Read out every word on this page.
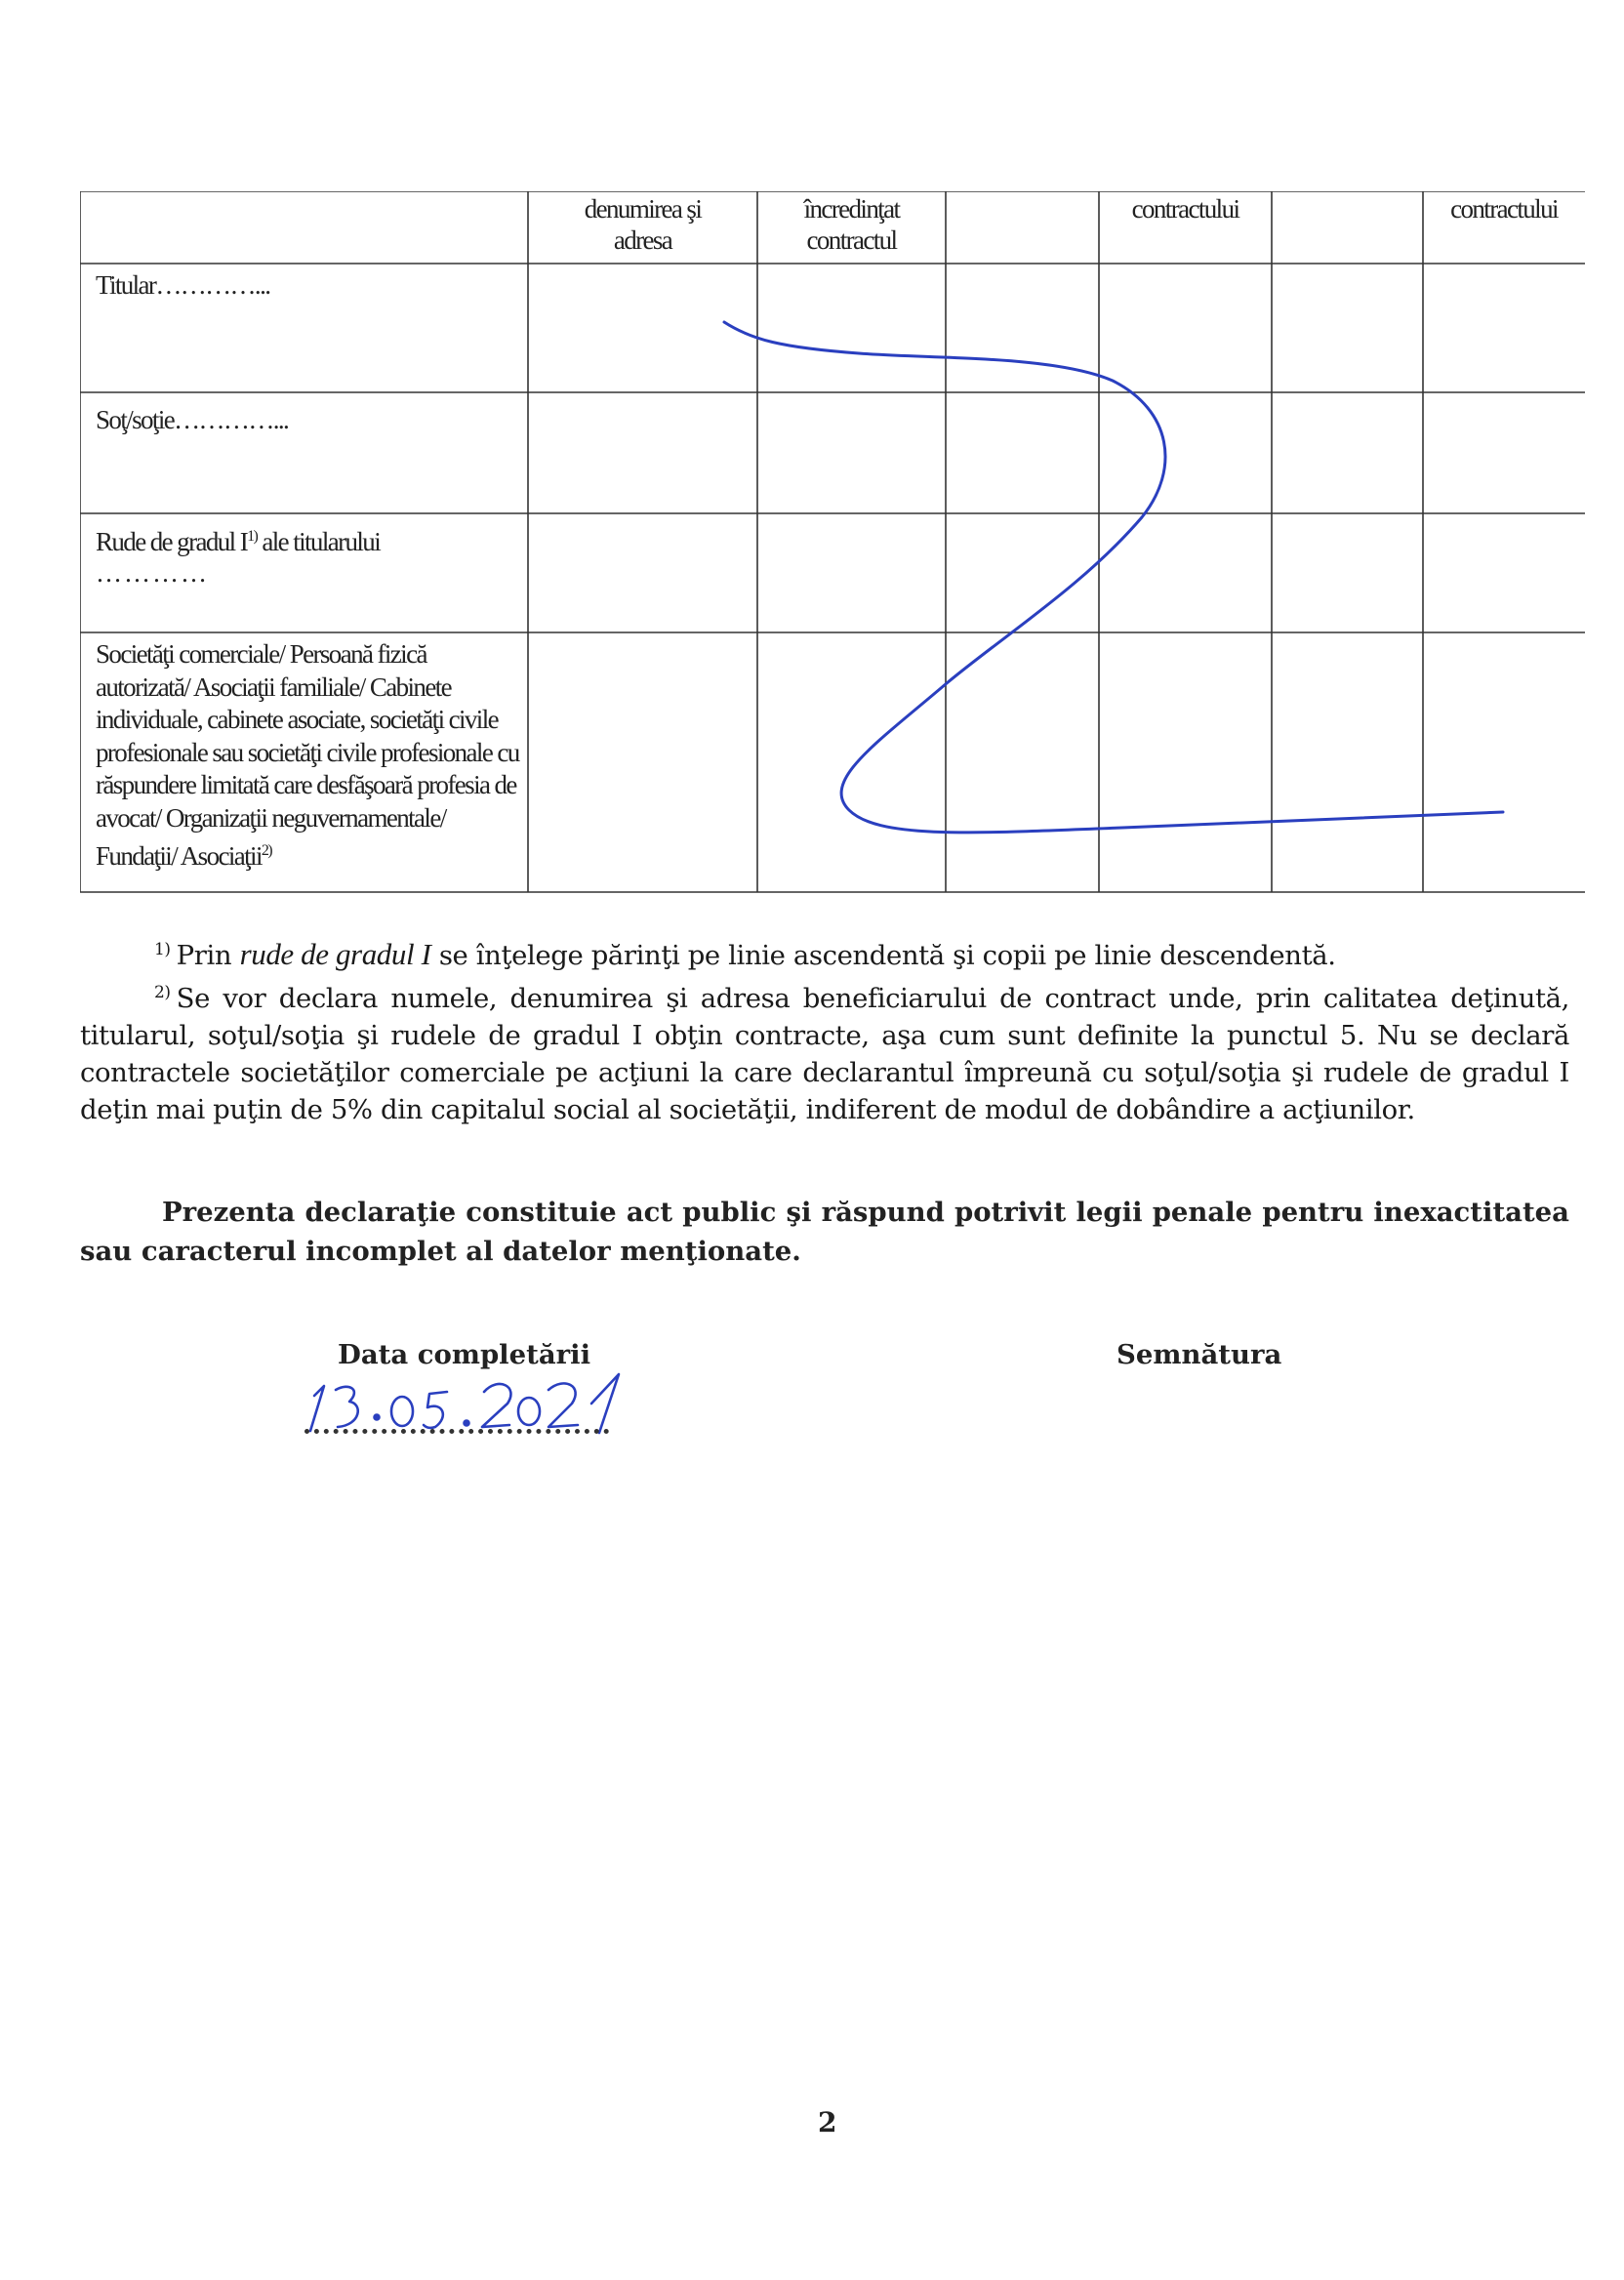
denumirea şi
adresa
încredinţat
contractul
contractului	contractului
Titular…………...
Soţ/soţie…………...
Rude de gradul $I^{1)}$ ale titularului
…………
Societăţi comerciale/ Persoană fizică autorizată/ Asociaţii familiale/ Cabinete individuale, cabinete asociate, societăţi civile profesionale sau societăţi civile profesionale cu răspundere limitată care desfăşoară profesia de avocat/ Organizaţii neguvernamentale/ Fundaţii/ Asociaţii$^{2)}$
$^{1)}$ Prin rude de gradul I se înţelege părinţi pe linie ascendentă şi copii pe linie descendentă.
$^{2)}$ Se vor declara numele, denumirea şi adresa beneficiarului de contract unde, prin calitatea deţinută, titularul, soţul/soţia şi rudele de gradul I obţin contracte, aşa cum sunt definite la punctul 5. Nu se declară contractele societăţilor comerciale pe acţiuni la care declarantul împreună cu soţul/soţia şi rudele de gradul I deţin mai puţin de 5% din capitalul social al societăţii, indiferent de modul de dobândire a acţiunilor.
Prezenta declaraţie constituie act public şi răspund potrivit legii penale pentru inexactitatea sau caracterul incomplet al datelor menţionate.
Data completării	Semnătura
2
